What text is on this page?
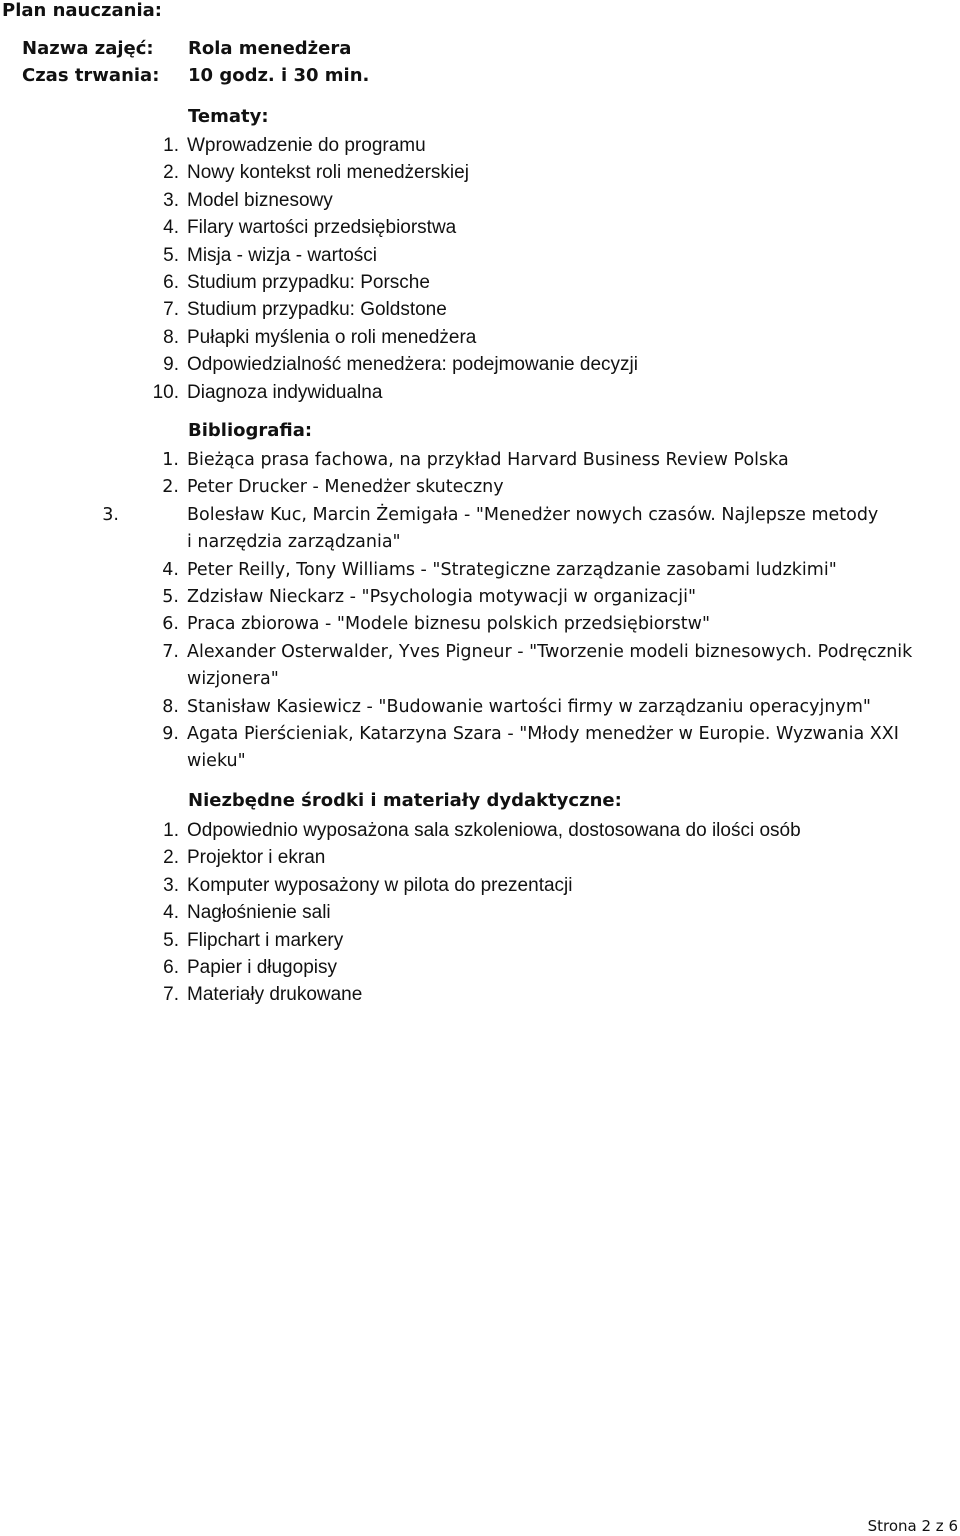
Plan nauczania:
Nazwa zajęć: Rola menedżera
Czas trwania: 10 godz. i 30 min.
Tematy:
1. Wprowadzenie do programu
2. Nowy kontekst roli menedżerskiej
3. Model biznesowy
4. Filary wartości przedsiębiorstwa
5. Misja - wizja - wartości
6. Studium przypadku: Porsche
7. Studium przypadku: Goldstone
8. Pułapki myślenia o roli menedżera
9. Odpowiedzialność menedżera: podejmowanie decyzji
10. Diagnoza indywidualna
Bibliografia:
1. Bieżąca prasa fachowa, na przykład Harvard Business Review Polska
2. Peter Drucker - Menedżer skuteczny
3.	Bolesław Kuc, Marcin Żemigała - "Menedżer nowych czasów. Najlepsze metody i narzędzia zarządzania"
4. Peter Reilly, Tony Williams - "Strategiczne zarządzanie zasobami ludzkimi"
5. Zdzisław Nieckarz - "Psychologia motywacji w organizacji"
6. Praca zbiorowa - "Modele biznesu polskich przedsiębiorstw"
7. Alexander Osterwalder, Yves Pigneur - "Tworzenie modeli biznesowych. Podręcznik wizjonera"
8. Stanisław Kasiewicz - "Budowanie wartości firmy w zarządzaniu operacyjnym"
9. Agata Pierścieniak, Katarzyna Szara - "Młody menedżer w Europie. Wyzwania XXI wieku"
Niezbędne środki i materiały dydaktyczne:
1. Odpowiednio wyposażona sala szkoleniowa, dostosowana do ilości osób
2. Projektor i ekran
3. Komputer wyposażony w pilota do prezentacji
4. Nagłośnienie sali
5. Flipchart i markery
6. Papier i długopisy
7. Materiały drukowane
Strona 2 z 6
